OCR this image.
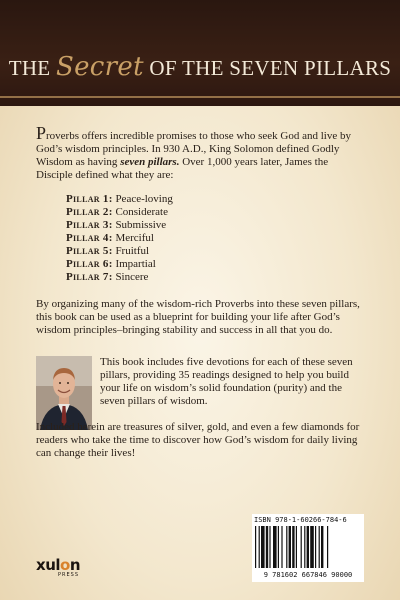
THE Secret OF THE SEVEN PILLARS

Proverbs offers incredible promises to those who seek God and live by God’s wisdom principles. In 930 A.D., King Solomon defined Godly Wisdom as having seven pillars. Over 1,000 years later, James the Disciple defined what they are:

Pillar 1: Peace-loving
Pillar 2: Considerate
Pillar 3: Submissive
Pillar 4: Merciful
Pillar 5: Fruitful
Pillar 6: Impartial
Pillar 7: Sincere

By organizing many of the wisdom-rich Proverbs into these seven pillars, this book can be used as a blueprint for building your life after God’s wisdom principles–bringing stability and success in all that you do.

This book includes five devotions for each of these seven pillars, providing 35 readings designed to help you build your life on wisdom’s solid foundation (purity) and the seven pillars of wisdom.

Included herein are treasures of silver, gold, and even a few diamonds for readers who take the time to discover how God’s wisdom for daily living can change their lives!

xulon
PRESS
ISBN 978-1-60266-784-6
9 781602 667846 90000
